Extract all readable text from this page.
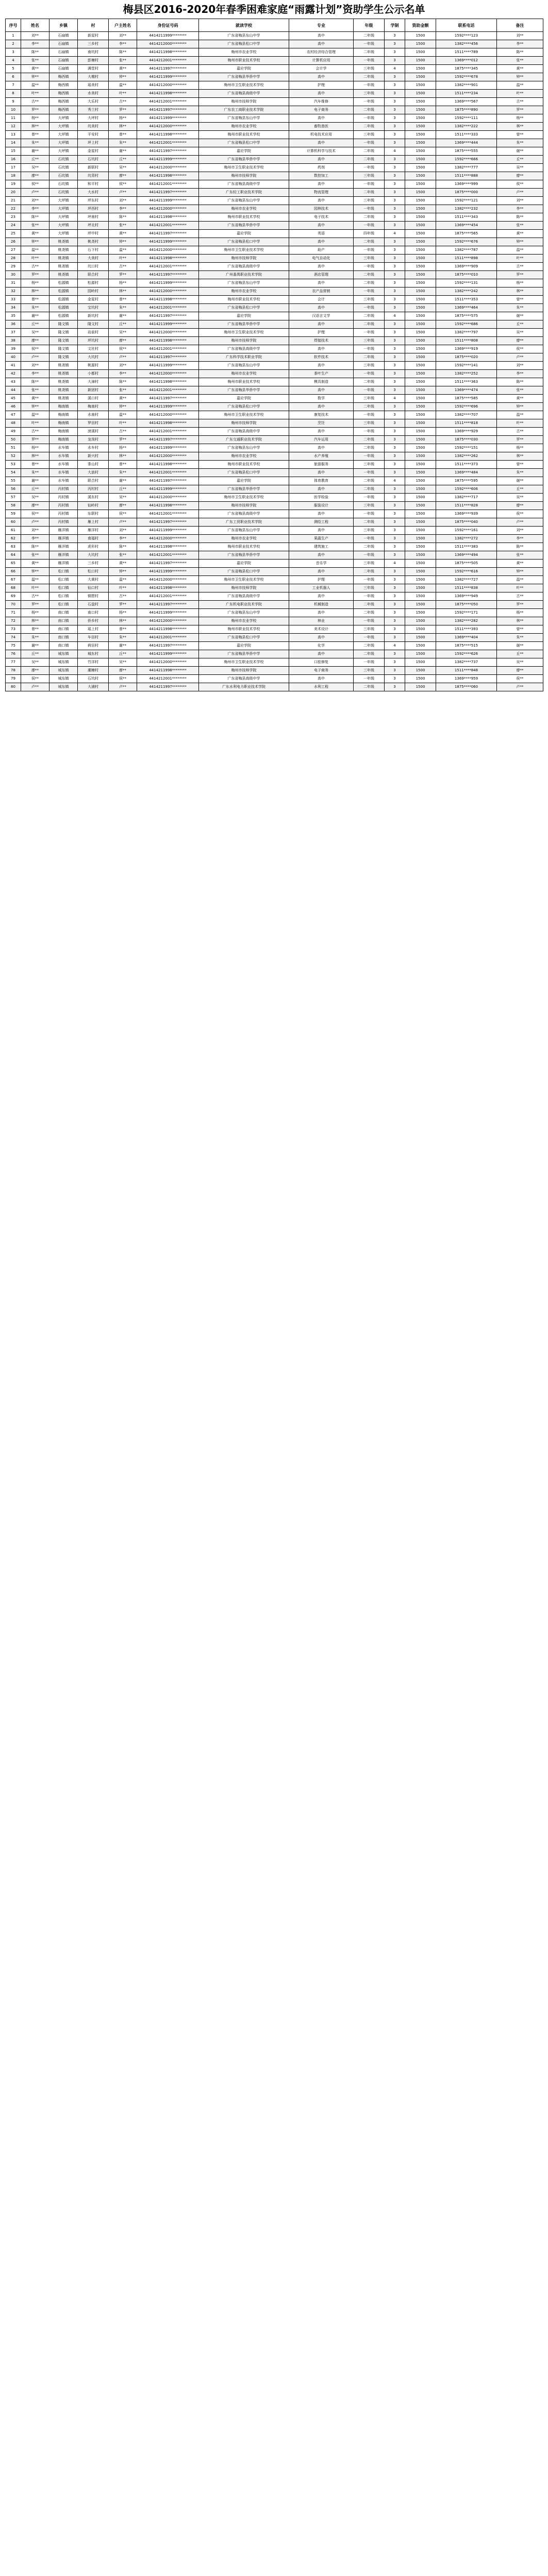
梅县区2016-2020年春季困难家庭“雨露计划”资助学生公示名单
序号	姓名	乡镇	村	户主姓名	身份证号码	就读学校	专业	年级	学制	资助金额	联系电话	备注
1	刘**	石扇镇	新屋村	刘**	4414211999********	广东省梅县东山中学	高中	二年级	3	1500	1592****123	刘**
2	李**	石扇镇	三乡村	李**	4414212000********	广东省梅县松口中学	高中	一年级	3	1500	1382****456	李**
3	陈**	石扇镇	南坑村	陈**	4414211998********	梅州市农业学校	农村经济综合管理	二年级	3	1500	1511****789	陈**
4	张**	石扇镇	彭塘村	张**	4414212001********	梅州市职业技术学校	计算机应用	一年级	3	1500	1369****012	张**
5	黄**	石扇镇	满堂村	黄**	4414211997********	嘉应学院	会计学	三年级	4	1500	1875****345	黄**
6	钟**	梅西镇	大墩村	钟**	4414211999********	广东省梅县华侨中学	高中	二年级	3	1500	1592****678	钟**
7	温**	梅西镇	瑶美村	温**	4414212000********	梅州市卫生职业技术学校	护理	一年级	3	1500	1382****901	温**
8	叶**	梅西镇	水美村	叶**	4414211998********	广东省梅县高级中学	高中	三年级	3	1500	1511****234	叶**
9	古**	梅西镇	大乐村	古**	4414212001********	梅州市技师学院	汽车维修	一年级	3	1500	1369****567	古**
10	罗**	梅西镇	秀兰村	罗**	4414211997********	广东农工商职业技术学院	电子商务	二年级	3	1500	1875****890	罗**
11	杨**	大坪镇	大坪村	杨**	4414211999********	广东省梅县东山中学	高中	一年级	3	1500	1592****111	杨**
12	林**	大坪镇	坑美村	林**	4414212000********	梅州市农业学校	畜牧兽医	二年级	3	1500	1382****222	林**
13	曾**	大坪镇	平安村	曾**	4414211998********	梅州市职业技术学校	机电技术应用	三年级	3	1500	1511****333	曾**
14	朱**	大坪镇	坪上村	朱**	4414212001********	广东省梅县松口中学	高中	一年级	3	1500	1369****444	朱**
15	谢**	大坪镇	金星村	谢**	4414211997********	嘉应学院	计算机科学与技术	二年级	4	1500	1875****555	谢**
16	丘**	石坑镇	石坑村	丘**	4414211999********	广东省梅县华侨中学	高中	二年级	3	1500	1592****666	丘**
17	吴**	石坑镇	新联村	吴**	4414212000********	梅州市卫生职业技术学校	药剂	一年级	3	1500	1382****777	吴**
18	廖**	石坑镇	坑背村	廖**	4414211998********	梅州市技师学院	数控加工	三年级	3	1500	1511****888	廖**
19	侯**	石坑镇	和平村	侯**	4414212001********	广东省梅县高级中学	高中	一年级	3	1500	1369****999	侯**
20	卢**	石坑镇	大水村	卢**	4414211997********	广东轻工职业技术学院	物流管理	二年级	3	1500	1875****000	卢**
21	刘**	大坪镇	坪东村	刘**	4414211999********	广东省梅县东山中学	高中	三年级	3	1500	1592****121	刘**
22	李**	大坪镇	坪西村	李**	4414212000********	梅州市农业学校	园林技术	一年级	3	1500	1382****232	李**
23	陈**	大坪镇	坪南村	陈**	4414211998********	梅州市职业技术学校	电子技术	二年级	3	1500	1511****343	陈**
24	张**	大坪镇	坪北村	张**	4414212001********	广东省梅县华侨中学	高中	一年级	3	1500	1369****454	张**
25	黄**	大坪镇	坪中村	黄**	4414211997********	嘉应学院	英语	四年级	4	1500	1875****565	黄**
26	钟**	桃尧镇	桃尧村	钟**	4414211999********	广东省梅县松口中学	高中	二年级	3	1500	1592****676	钟**
27	温**	桃尧镇	石下村	温**	4414212000********	梅州市卫生职业技术学校	助产	一年级	3	1500	1382****787	温**
28	叶**	桃尧镇	大美村	叶**	4414211998********	梅州市技师学院	电气自动化	三年级	3	1500	1511****898	叶**
29	古**	桃尧镇	坑口村	古**	4414212001********	广东省梅县高级中学	高中	一年级	3	1500	1369****909	古**
30	罗**	桃尧镇	联合村	罗**	4414211997********	广州番禺职业技术学院	酒店管理	二年级	3	1500	1875****010	罗**
31	杨**	松源镇	松源村	杨**	4414211999********	广东省梅县东山中学	高中	二年级	3	1500	1592****131	杨**
32	林**	松源镇	园岭村	林**	4414212000********	梅州市农业学校	农产品营销	一年级	3	1500	1382****242	林**
33	曾**	松源镇	金星村	曾**	4414211998********	梅州市职业技术学校	会计	三年级	3	1500	1511****353	曾**
34	朱**	松源镇	宝坑村	朱**	4414212001********	广东省梅县松口中学	高中	一年级	3	1500	1369****464	朱**
35	谢**	松源镇	新坑村	谢**	4414211997********	嘉应学院	汉语言文学	二年级	4	1500	1875****575	谢**
36	丘**	隆文镇	隆文村	丘**	4414211999********	广东省梅县华侨中学	高中	二年级	3	1500	1592****686	丘**
37	吴**	隆文镇	岩前村	吴**	4414212000********	梅州市卫生职业技术学校	护理	一年级	3	1500	1382****797	吴**
38	廖**	隆文镇	坪坑村	廖**	4414211998********	梅州市技师学院	焊接技术	三年级	3	1500	1511****808	廖**
39	侯**	隆文镇	文社村	侯**	4414212001********	广东省梅县高级中学	高中	一年级	3	1500	1369****919	侯**
40	卢**	隆文镇	大坑村	卢**	4414211997********	广东科学技术职业学院	软件技术	二年级	3	1500	1875****020	卢**
41	刘**	桃尧镇	桃源村	刘**	4414211999********	广东省梅县东山中学	高中	三年级	3	1500	1592****141	刘**
42	李**	桃尧镇	小都村	李**	4414212000********	梅州市农业学校	茶叶生产	一年级	3	1500	1382****252	李**
43	陈**	桃尧镇	大漳村	陈**	4414211998********	梅州市职业技术学校	模具制造	二年级	3	1500	1511****363	陈**
44	张**	桃尧镇	新团村	张**	4414212001********	广东省梅县华侨中学	高中	一年级	3	1500	1369****474	张**
45	黄**	桃尧镇	溪口村	黄**	4414211997********	嘉应学院	数学	三年级	4	1500	1875****585	黄**
46	钟**	梅南镇	梅南村	钟**	4414211999********	广东省梅县松口中学	高中	二年级	3	1500	1592****696	钟**
47	温**	梅南镇	水南村	温**	4414212000********	梅州市卫生职业技术学校	康复技术	一年级	3	1500	1382****707	温**
48	叶**	梅南镇	罗田村	叶**	4414211998********	梅州市技师学院	烹饪	三年级	3	1500	1511****818	叶**
49	古**	梅南镇	滂溪村	古**	4414212001********	广东省梅县高级中学	高中	一年级	3	1500	1369****929	古**
50	罗**	梅南镇	龙岗村	罗**	4414211997********	广东交通职业技术学院	汽车运用	二年级	3	1500	1875****030	罗**
51	杨**	水车镇	水车村	杨**	4414211999********	广东省梅县东山中学	高中	二年级	3	1500	1592****151	杨**
52	林**	水车镇	新兴村	林**	4414212000********	梅州市农业学校	水产养殖	一年级	3	1500	1382****262	林**
53	曾**	水车镇	茶山村	曾**	4414211998********	梅州市职业技术学校	旅游服务	三年级	3	1500	1511****373	曾**
54	朱**	水车镇	大浪村	朱**	4414212001********	广东省梅县松口中学	高中	一年级	3	1500	1369****484	朱**
55	谢**	水车镇	联合村	谢**	4414211997********	嘉应学院	体育教育	二年级	4	1500	1875****595	谢**
56	丘**	丙村镇	丙村村	丘**	4414211999********	广东省梅县华侨中学	高中	二年级	3	1500	1592****606	丘**
57	吴**	丙村镇	溪东村	吴**	4414212000********	梅州市卫生职业技术学校	医学检验	一年级	3	1500	1382****717	吴**
58	廖**	丙村镇	仙岭村	廖**	4414211998********	梅州市技师学院	服装设计	三年级	3	1500	1511****828	廖**
59	侯**	丙村镇	东联村	侯**	4414212001********	广东省梅县高级中学	高中	一年级	3	1500	1369****939	侯**
60	卢**	丙村镇	雁上村	卢**	4414211997********	广东工贸职业技术学院	测绘工程	二年级	3	1500	1875****040	卢**
61	刘**	雁洋镇	雁洋村	刘**	4414211999********	广东省梅县东山中学	高中	三年级	3	1500	1592****161	刘**
62	李**	雁洋镇	南福村	李**	4414212000********	梅州市农业学校	果蔬生产	一年级	3	1500	1382****272	李**
63	陈**	雁洋镇	虎形村	陈**	4414211998********	梅州市职业技术学校	建筑施工	二年级	3	1500	1511****383	陈**
64	张**	雁洋镇	大坑村	张**	4414212001********	广东省梅县华侨中学	高中	一年级	3	1500	1369****494	张**
65	黄**	雁洋镇	三乡村	黄**	4414211997********	嘉应学院	音乐学	三年级	4	1500	1875****505	黄**
66	钟**	松口镇	松口村	钟**	4414211999********	广东省梅县松口中学	高中	二年级	3	1500	1592****616	钟**
67	温**	松口镇	大黄村	温**	4414212000********	梅州市卫生职业技术学校	护理	一年级	3	1500	1382****727	温**
68	叶**	松口镇	仙口村	叶**	4414211998********	梅州市技师学院	工业机器人	三年级	3	1500	1511****838	叶**
69	古**	松口镇	铜琶村	古**	4414212001********	广东省梅县高级中学	高中	一年级	3	1500	1369****949	古**
70	罗**	松口镇	石盘村	罗**	4414211997********	广东机电职业技术学院	机械制造	二年级	3	1500	1875****050	罗**
71	杨**	南口镇	南口村	杨**	4414211999********	广东省梅县东山中学	高中	二年级	3	1500	1592****171	杨**
72	林**	南口镇	侨乡村	林**	4414212000********	梅州市农业学校	林业	一年级	3	1500	1382****282	林**
73	曾**	南口镇	瑶上村	曾**	4414211998********	梅州市职业技术学校	美术设计	三年级	3	1500	1511****393	曾**
74	朱**	南口镇	车田村	朱**	4414212001********	广东省梅县松口中学	高中	一年级	3	1500	1369****404	朱**
75	谢**	南口镇	荷田村	谢**	4414211997********	嘉应学院	化学	二年级	4	1500	1875****515	谢**
76	丘**	城东镇	城东村	丘**	4414211999********	广东省梅县华侨中学	高中	二年级	3	1500	1592****626	丘**
77	吴**	城东镇	竹洋村	吴**	4414212000********	梅州市卫生职业技术学校	口腔修复	一年级	3	1500	1382****737	吴**
78	廖**	城东镇	潮塘村	廖**	4414211998********	梅州市技师学院	电子商务	三年级	3	1500	1511****848	廖**
79	侯**	城东镇	石坑村	侯**	4414212001********	广东省梅县高级中学	高中	一年级	3	1500	1369****959	侯**
80	卢**	城东镇	大浦村	卢**	4414211997********	广东水利电力职业技术学院	水利工程	二年级	3	1500	1875****060	卢**
